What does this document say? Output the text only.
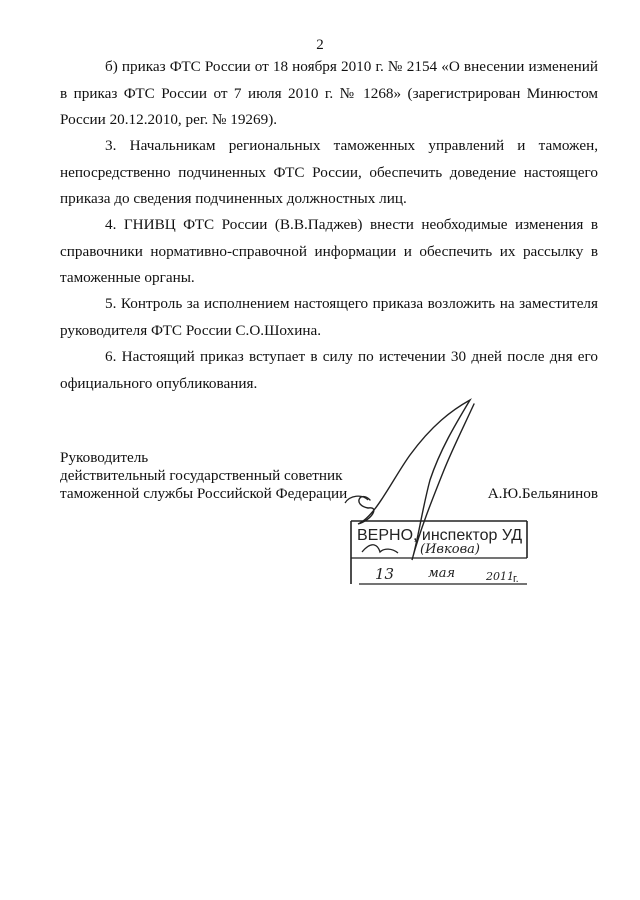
2

б) приказ ФТС России от 18 ноября 2010 г. № 2154 «О внесении изменений в приказ ФТС России от 7 июля 2010 г. № 1268» (зарегистрирован Минюстом России 20.12.2010, рег. № 19269).

3. Начальникам региональных таможенных управлений и таможен, непосредственно подчиненных ФТС России, обеспечить доведение настоящего приказа до сведения подчиненных должностных лиц.

4. ГНИВЦ ФТС России (В.В.Паджев) внести необходимые изменения в справочники нормативно-справочной информации и обеспечить их рассылку в таможенные органы.

5. Контроль за исполнением настоящего приказа возложить на заместителя руководителя ФТС России С.О.Шохина.

6. Настоящий приказ вступает в силу по истечении 30 дней после дня его официального опубликования.

Руководитель
действительный государственный советник
таможенной службы Российской Федерации	А.Ю.Бельянинов
ВЕРНО, инспектор УД
(Ивкова)
13	мая	2011 г.
